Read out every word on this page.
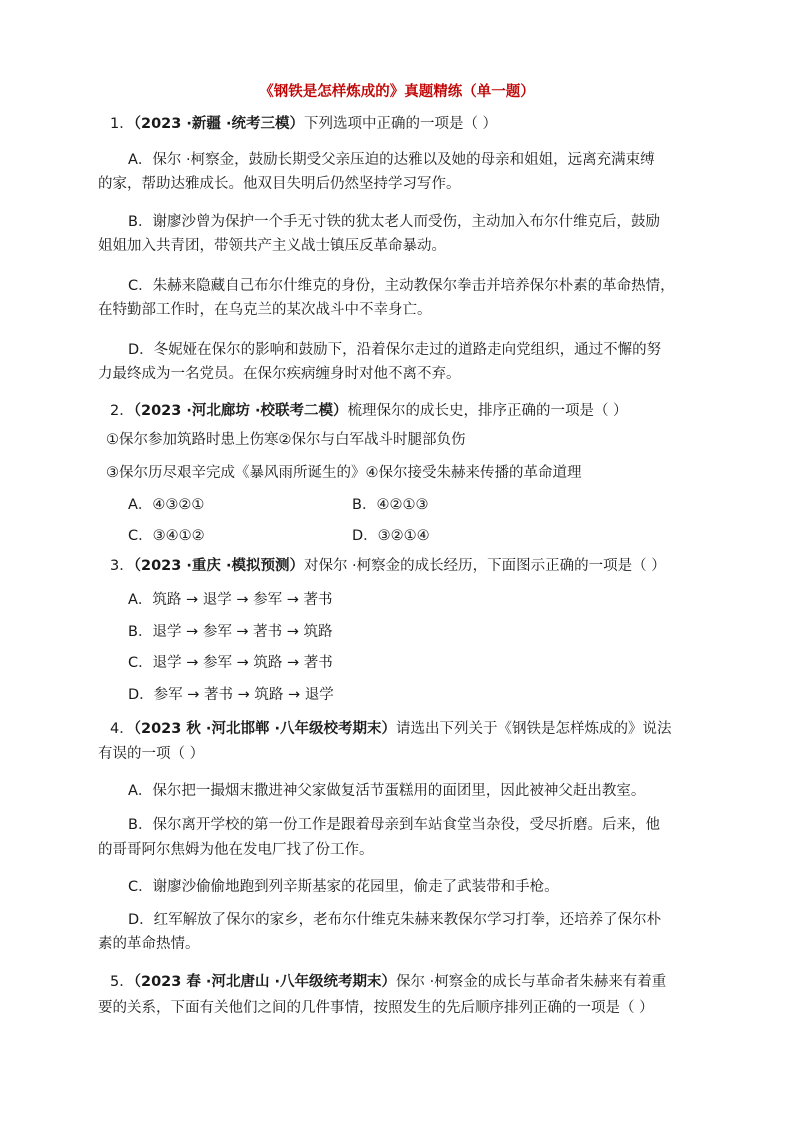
《钢铁是怎样炼成的》真题精练（单一题）
1．（2023 ·新疆 ·统考三模）下列选项中正确的一项是（ ）
A．保尔 ·柯察金，鼓励长期受父亲压迫的达雅以及她的母亲和姐姐，远离充满束缚
的家，帮助达雅成长。他双目失明后仍然坚持学习写作。
B．谢廖沙曾为保护一个手无寸铁的犹太老人而受伤，主动加入布尔什维克后，鼓励
姐姐加入共青团，带领共产主义战士镇压反革命暴动。
C．朱赫来隐藏自己布尔什维克的身份，主动教保尔拳击并培养保尔朴素的革命热情，
在特勤部工作时，在乌克兰的某次战斗中不幸身亡。
D．冬妮娅在保尔的影响和鼓励下，沿着保尔走过的道路走向党组织，通过不懈的努
力最终成为一名党员。在保尔疾病缠身时对他不离不弃。
2．（2023 ·河北廊坊 ·校联考二模）梳理保尔的成长史，排序正确的一项是（ ）
①保尔参加筑路时患上伤寒②保尔与白军战斗时腿部负伤
③保尔历尽艰辛完成《暴风雨所诞生的》④保尔接受朱赫来传播的革命道理
A．④③②①	B．④②①③
C．③④①②	D．③②①④
3．（2023 ·重庆 ·模拟预测）对保尔 ·柯察金的成长经历，下面图示正确的一项是（ ）
A．筑路 → 退学 → 参军 → 著书
B．退学 → 参军 → 著书 → 筑路
C．退学 → 参军 → 筑路 → 著书
D．参军 → 著书 → 筑路 → 退学
4．（2023 秋 ·河北邯郸 ·八年级校考期末）请选出下列关于《钢铁是怎样炼成的》说法
有误的一项（ ）
A．保尔把一撮烟末撒进神父家做复活节蛋糕用的面团里，因此被神父赶出教室。
B．保尔离开学校的第一份工作是跟着母亲到车站食堂当杂役，受尽折磨。后来，他
的哥哥阿尔焦姆为他在发电厂找了份工作。
C．谢廖沙偷偷地跑到列辛斯基家的花园里，偷走了武装带和手枪。
D．红军解放了保尔的家乡，老布尔什维克朱赫来教保尔学习打拳，还培养了保尔朴
素的革命热情。
5．（2023 春 ·河北唐山 ·八年级统考期末）保尔 ·柯察金的成长与革命者朱赫来有着重
要的关系，下面有关他们之间的几件事情，按照发生的先后顺序排列正确的一项是（ ）
